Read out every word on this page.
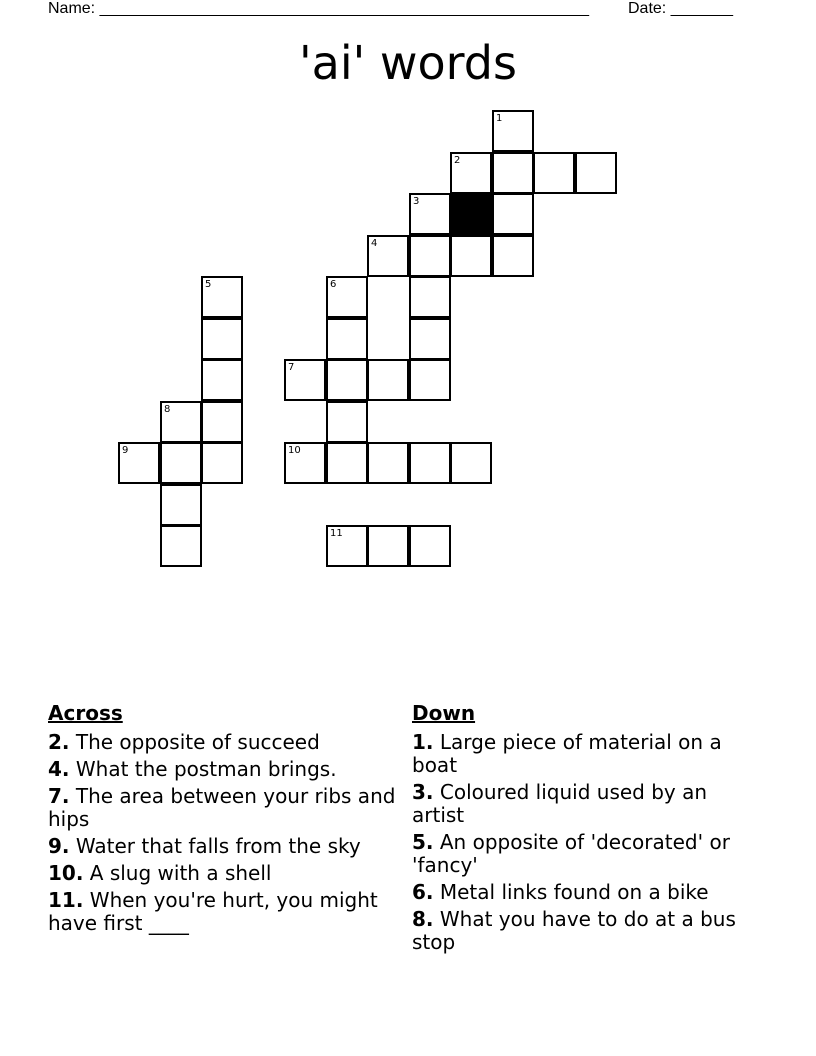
Name: _______________________________________________________ Date: _______
'ai' words
1
2
3
4
5	6
7
8
9	10
11
Across
2. The opposite of succeed
4. What the postman brings.
7. The area between your ribs and hips
9. Water that falls from the sky
10. A slug with a shell
11. When you're hurt, you might have first ____
Down
1. Large piece of material on a boat
3. Coloured liquid used by an artist
5. An opposite of 'decorated' or 'fancy'
6. Metal links found on a bike
8. What you have to do at a bus stop
